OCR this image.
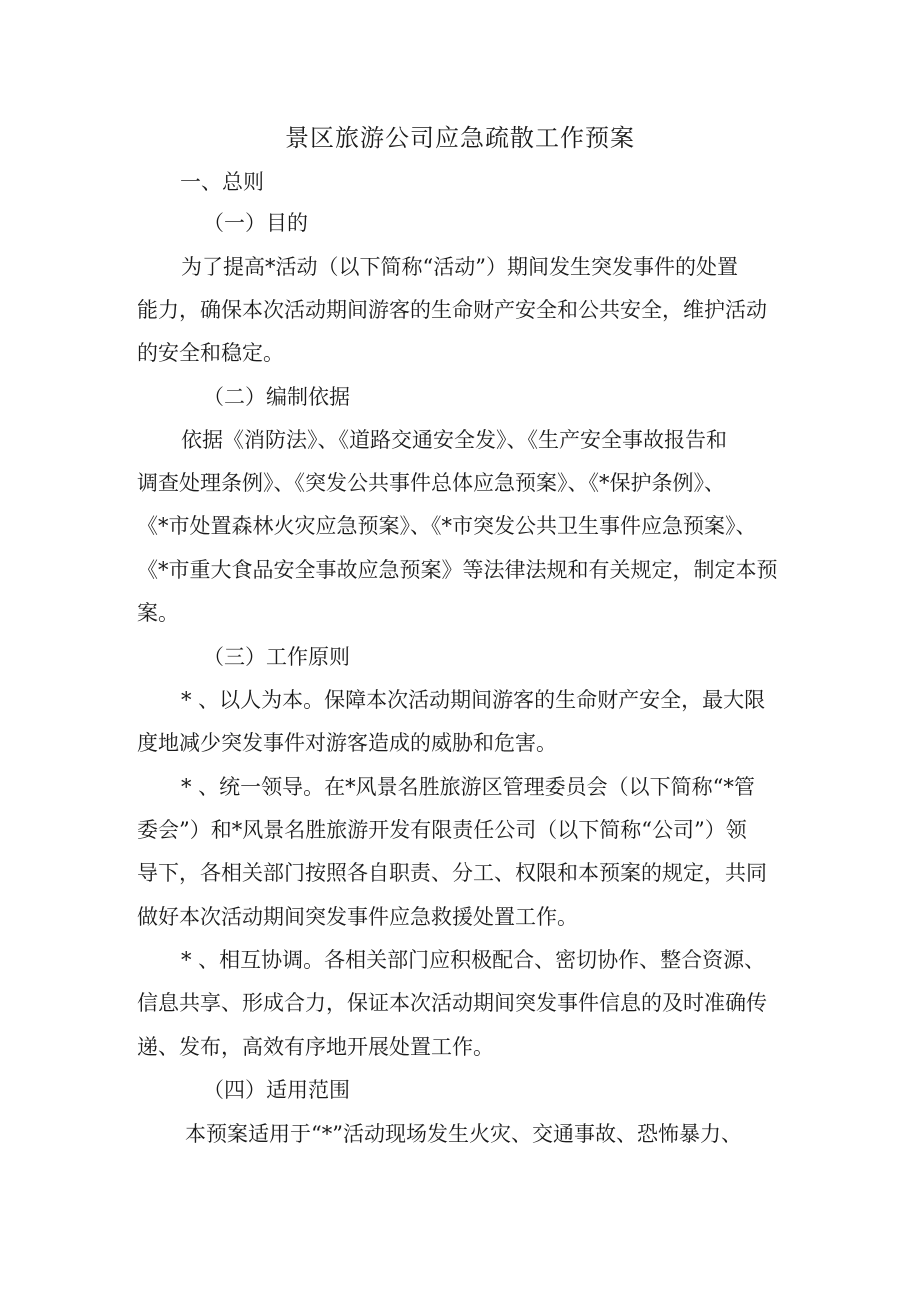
景区旅游公司应急疏散工作预案
一、总则
（一）目的
为了提高*活动（以下简称“活动”）期间发生突发事件的处置
能力，确保本次活动期间游客的生命财产安全和公共安全，维护活动
的安全和稳定。
（二）编制依据
依据《消防法》、《道路交通安全发》、《生产安全事故报告和
调查处理条例》、《突发公共事件总体应急预案》、《*保护条例》、
《*市处置森林火灾应急预案》、《*市突发公共卫生事件应急预案》、
《*市重大食品安全事故应急预案》等法律法规和有关规定，制定本预
案。
（三）工作原则
* 、以人为本。保障本次活动期间游客的生命财产安全，最大限
度地减少突发事件对游客造成的威胁和危害。
* 、统一领导。在*风景名胜旅游区管理委员会（以下简称“*管
委会”）和*风景名胜旅游开发有限责任公司（以下简称“公司”）领
导下，各相关部门按照各自职责、分工、权限和本预案的规定，共同
做好本次活动期间突发事件应急救援处置工作。
* 、相互协调。各相关部门应积极配合、密切协作、整合资源、
信息共享、形成合力，保证本次活动期间突发事件信息的及时准确传
递、发布，高效有序地开展处置工作。
（四）适用范围
本预案适用于“*”活动现场发生火灾、交通事故、恐怖暴力、
